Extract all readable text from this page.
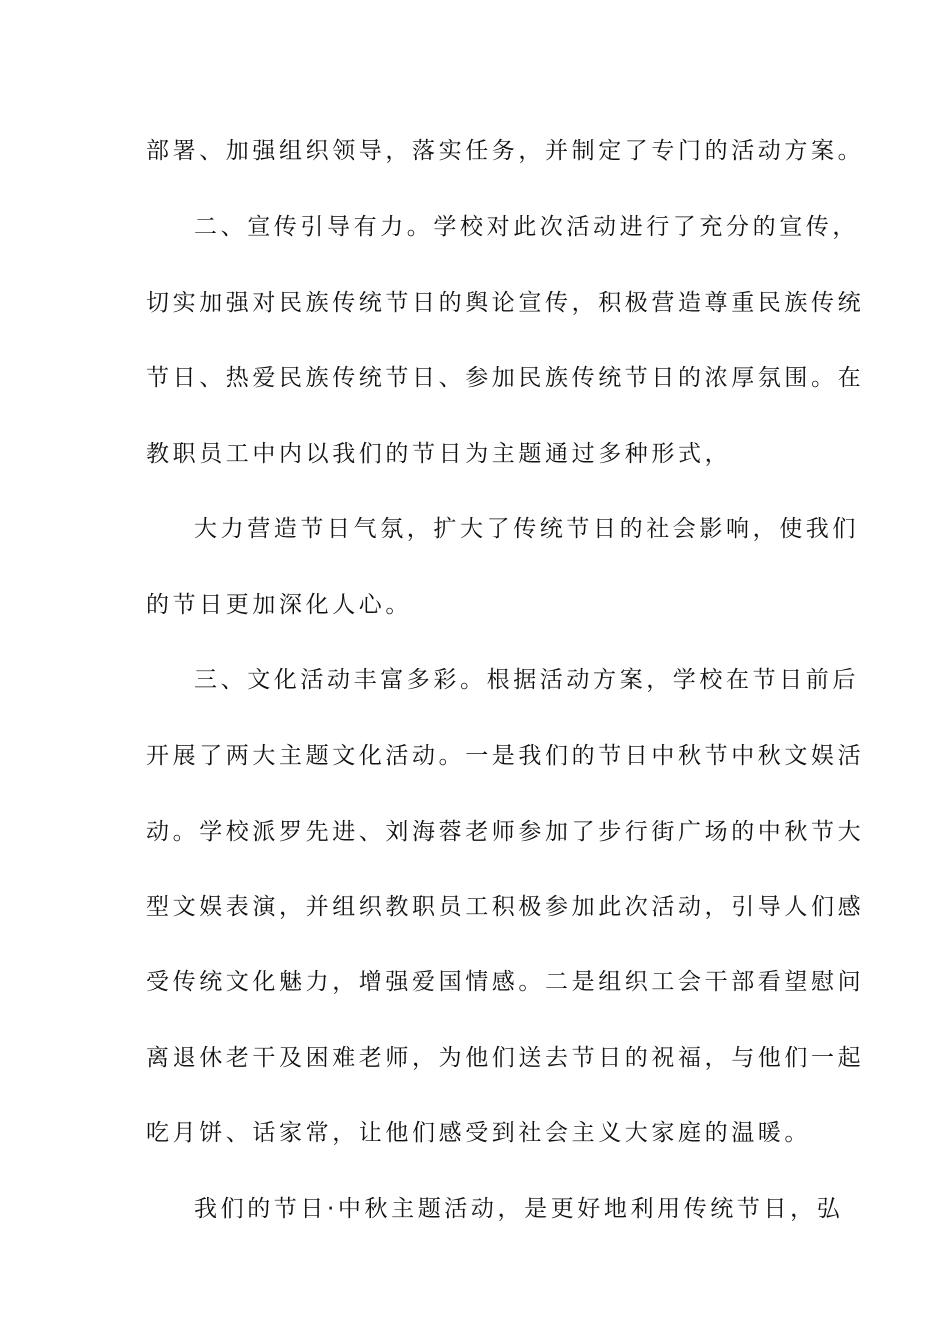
部署、加强组织领导，落实任务，并制定了专门的活动方案。
二、宣传引导有力。学校对此次活动进行了充分的宣传，
切实加强对民族传统节日的舆论宣传，积极营造尊重民族传统
节日、热爱民族传统节日、参加民族传统节日的浓厚氛围。在
教职员工中内以我们的节日为主题通过多种形式，
大力营造节日气氛，扩大了传统节日的社会影响，使我们
的节日更加深化人心。
三、文化活动丰富多彩。根据活动方案，学校在节日前后
开展了两大主题文化活动。一是我们的节日中秋节中秋文娱活
动。学校派罗先进、刘海蓉老师参加了步行街广场的中秋节大
型文娱表演，并组织教职员工积极参加此次活动，引导人们感
受传统文化魅力，增强爱国情感。二是组织工会干部看望慰问
离退休老干及困难老师，为他们送去节日的祝福，与他们一起
吃月饼、话家常，让他们感受到社会主义大家庭的温暖。
我们的节日·中秋主题活动，是更好地利用传统节日，弘
